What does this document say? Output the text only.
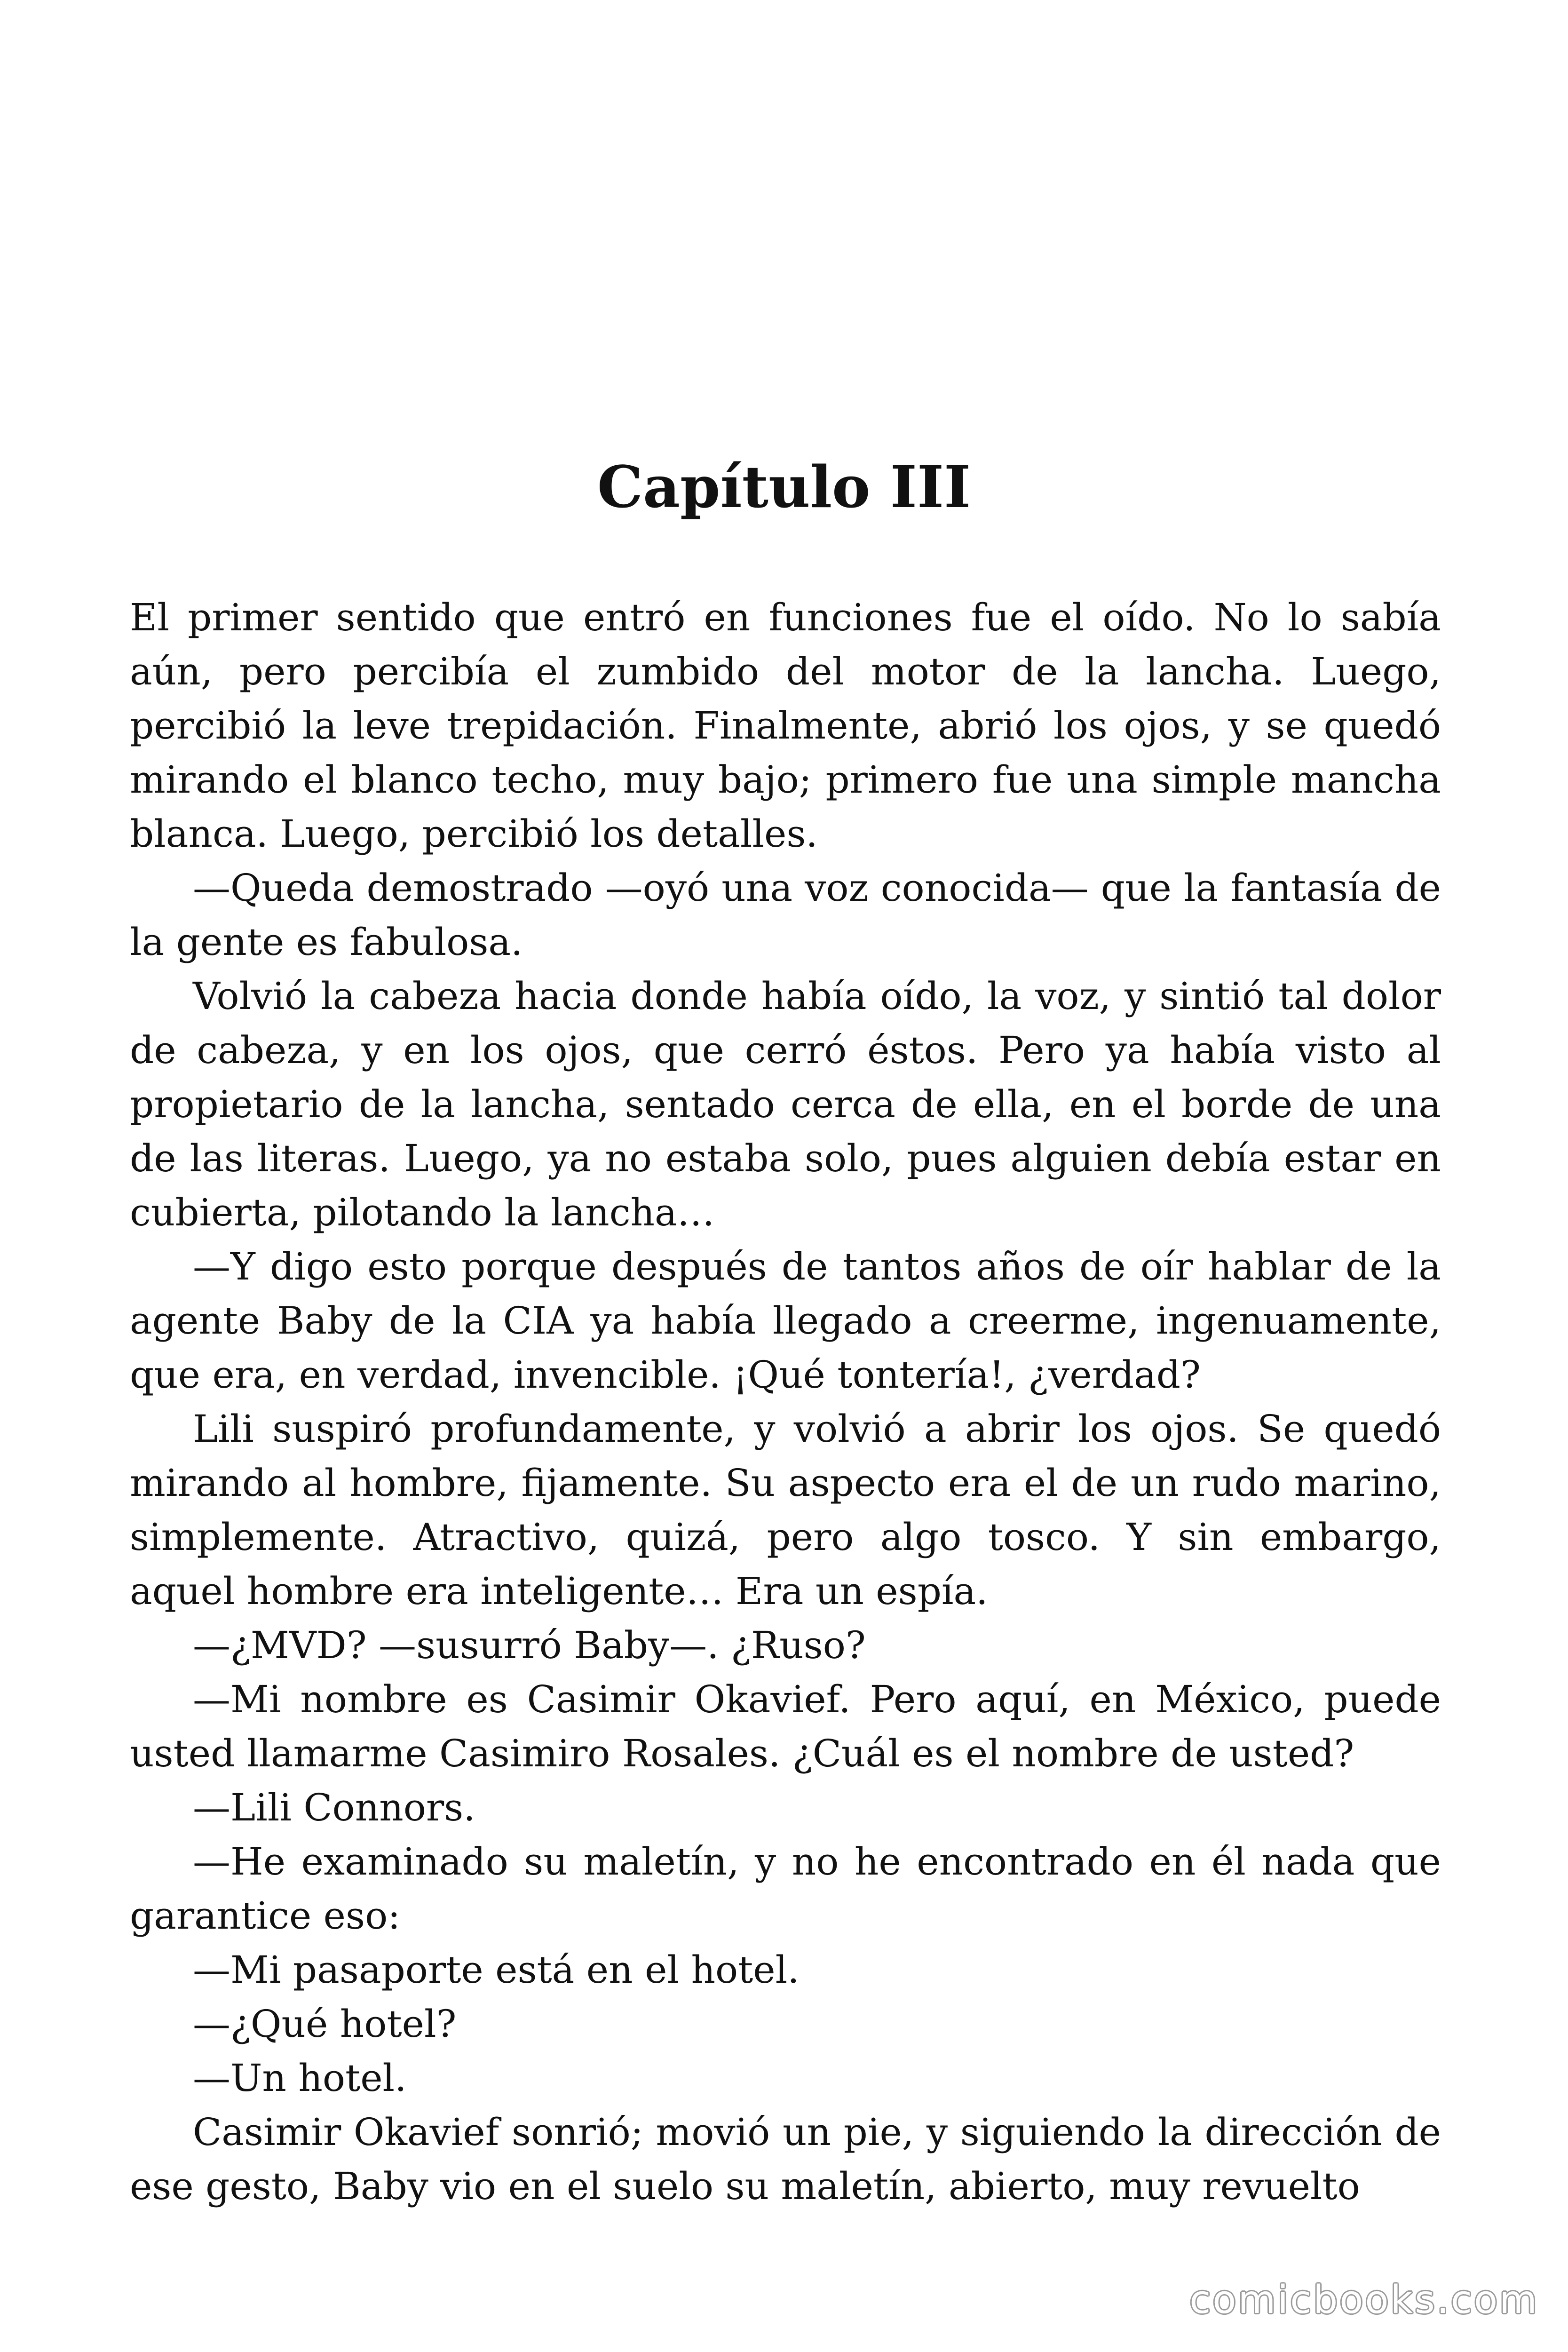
Capítulo III

El primer sentido que entró en funciones fue el oído. No lo sabía aún, pero percibía el zumbido del motor de la lancha. Luego, percibió la leve trepidación. Finalmente, abrió los ojos, y se quedó mirando el blanco techo, muy bajo; primero fue una simple mancha blanca. Luego, percibió los detalles.

—Queda demostrado —oyó una voz conocida— que la fantasía de la gente es fabulosa.

Volvió la cabeza hacia donde había oído, la voz, y sintió tal dolor de cabeza, y en los ojos, que cerró éstos. Pero ya había visto al propietario de la lancha, sentado cerca de ella, en el borde de una de las literas. Luego, ya no estaba solo, pues alguien debía estar en cubierta, pilotando la lancha…

—Y digo esto porque después de tantos años de oír hablar de la agente Baby de la CIA ya había llegado a creerme, ingenuamente, que era, en verdad, invencible. ¡Qué tontería!, ¿verdad?

Lili suspiró profundamente, y volvió a abrir los ojos. Se quedó mirando al hombre, fijamente. Su aspecto era el de un rudo marino, simplemente. Atractivo, quizá, pero algo tosco. Y sin embargo, aquel hombre era inteligente… Era un espía.

—¿MVD? —susurró Baby—. ¿Ruso?

—Mi nombre es Casimir Okavief. Pero aquí, en México, puede usted llamarme Casimiro Rosales. ¿Cuál es el nombre de usted?

—Lili Connors.

—He examinado su maletín, y no he encontrado en él nada que garantice eso:

—Mi pasaporte está en el hotel.

—¿Qué hotel?

—Un hotel.

Casimir Okavief sonrió; movió un pie, y siguiendo la dirección de ese gesto, Baby vio en el suelo su maletín, abierto, muy revuelto

comicbooks.com
